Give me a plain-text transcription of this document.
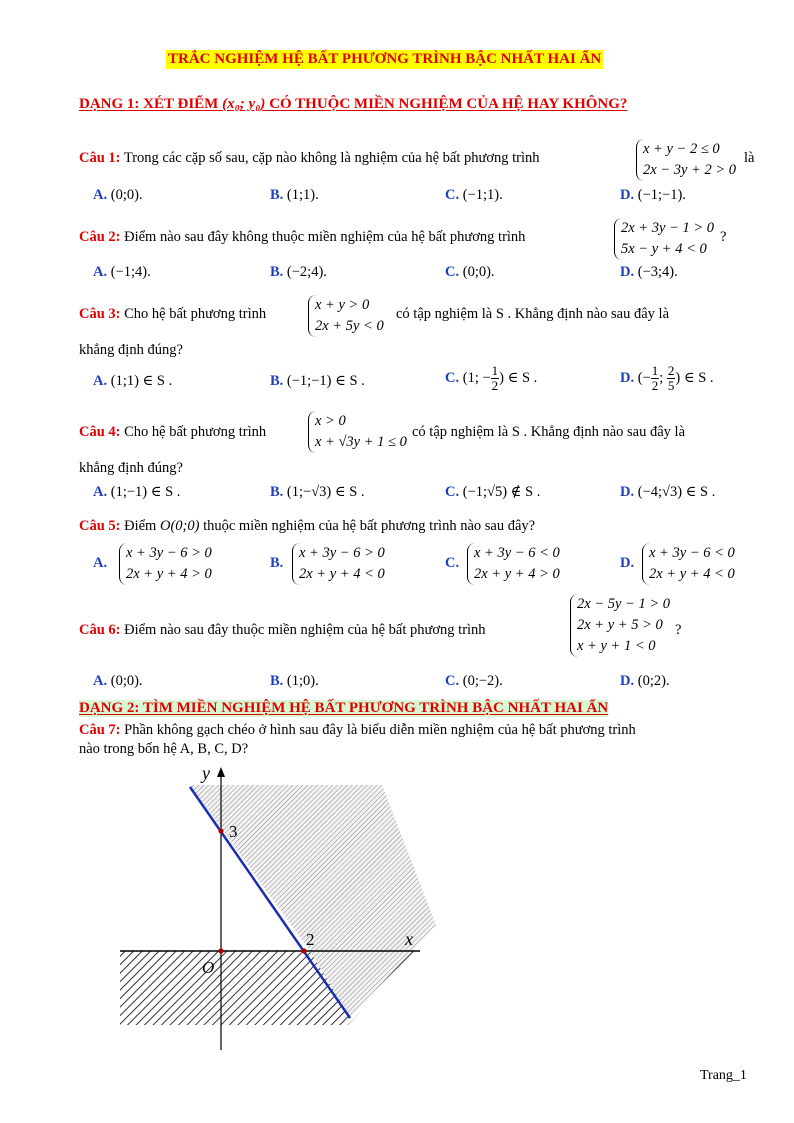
TRẮC NGHIỆM HỆ BẤT PHƯƠNG TRÌNH BẬC NHẤT HAI ẨN
DẠNG 1: XÉT ĐIỂM (x₀; y₀) CÓ THUỘC MIỀN NGHIỆM CỦA HỆ HAY KHÔNG?
Câu 1: Trong các cặp số sau, cặp nào không là nghiệm của hệ bất phương trình
x + y − 2 ≤ 0
2x − 3y + 2 > 0
là
A. (0;0).	B. (1;1).	C. (−1;1).	D. (−1;−1).
Câu 2: Điểm nào sau đây không thuộc miền nghiệm của hệ bất phương trình
2x + 3y − 1 > 0
5x − y + 4 < 0
?
A. (−1;4).	B. (−2;4).	C. (0;0).	D. (−3;4).
Câu 3: Cho hệ bất phương trình
x + y > 0
2x + 5y < 0
có tập nghiệm là S . Khẳng định nào sau đây là
khẳng định đúng?
A. (1;1) ∈ S .	B. (−1;−1) ∈ S .	C. (1; − $\frac{1}{2}$ ) ∈ S .	D. (− $\frac{1}{2}$ ; $\frac{2}{5}$ ) ∈ S .
Câu 4: Cho hệ bất phương trình
x > 0
x + √3y + 1 ≤ 0
có tập nghiệm là S . Khẳng định nào sau đây là
khẳng định đúng?
A. (1;−1) ∈ S .	B. (1;−√3) ∈ S .	C. (−1;√5) ∉ S .	D. (−4;√3) ∈ S .
Câu 5: Điểm O(0;0) thuộc miền nghiệm của hệ bất phương trình nào sau đây?
A.
x + 3y − 6 > 0
2x + y + 4 > 0
B.
x + 3y − 6 > 0
2x + y + 4 < 0
C.
x + 3y − 6 < 0
2x + y + 4 > 0
D.
x + 3y − 6 < 0
2x + y + 4 < 0
Câu 6: Điểm nào sau đây thuộc miền nghiệm của hệ bất phương trình
2x − 5y − 1 > 0
2x + y + 5 > 0
x + y + 1 < 0
?
A. (0;0).	B. (1;0).	C. (0;−2).	D. (0;2).
DẠNG 2: TÌM MIỀN NGHIỆM HỆ BẤT PHƯƠNG TRÌNH BẬC NHẤT HAI ẨN
Câu 7: Phần không gạch chéo ở hình sau đây là biểu diễn miền nghiệm của hệ bất phương trình
nào trong bốn hệ A, B, C, D?
y
x
O
3
2
Trang_1
